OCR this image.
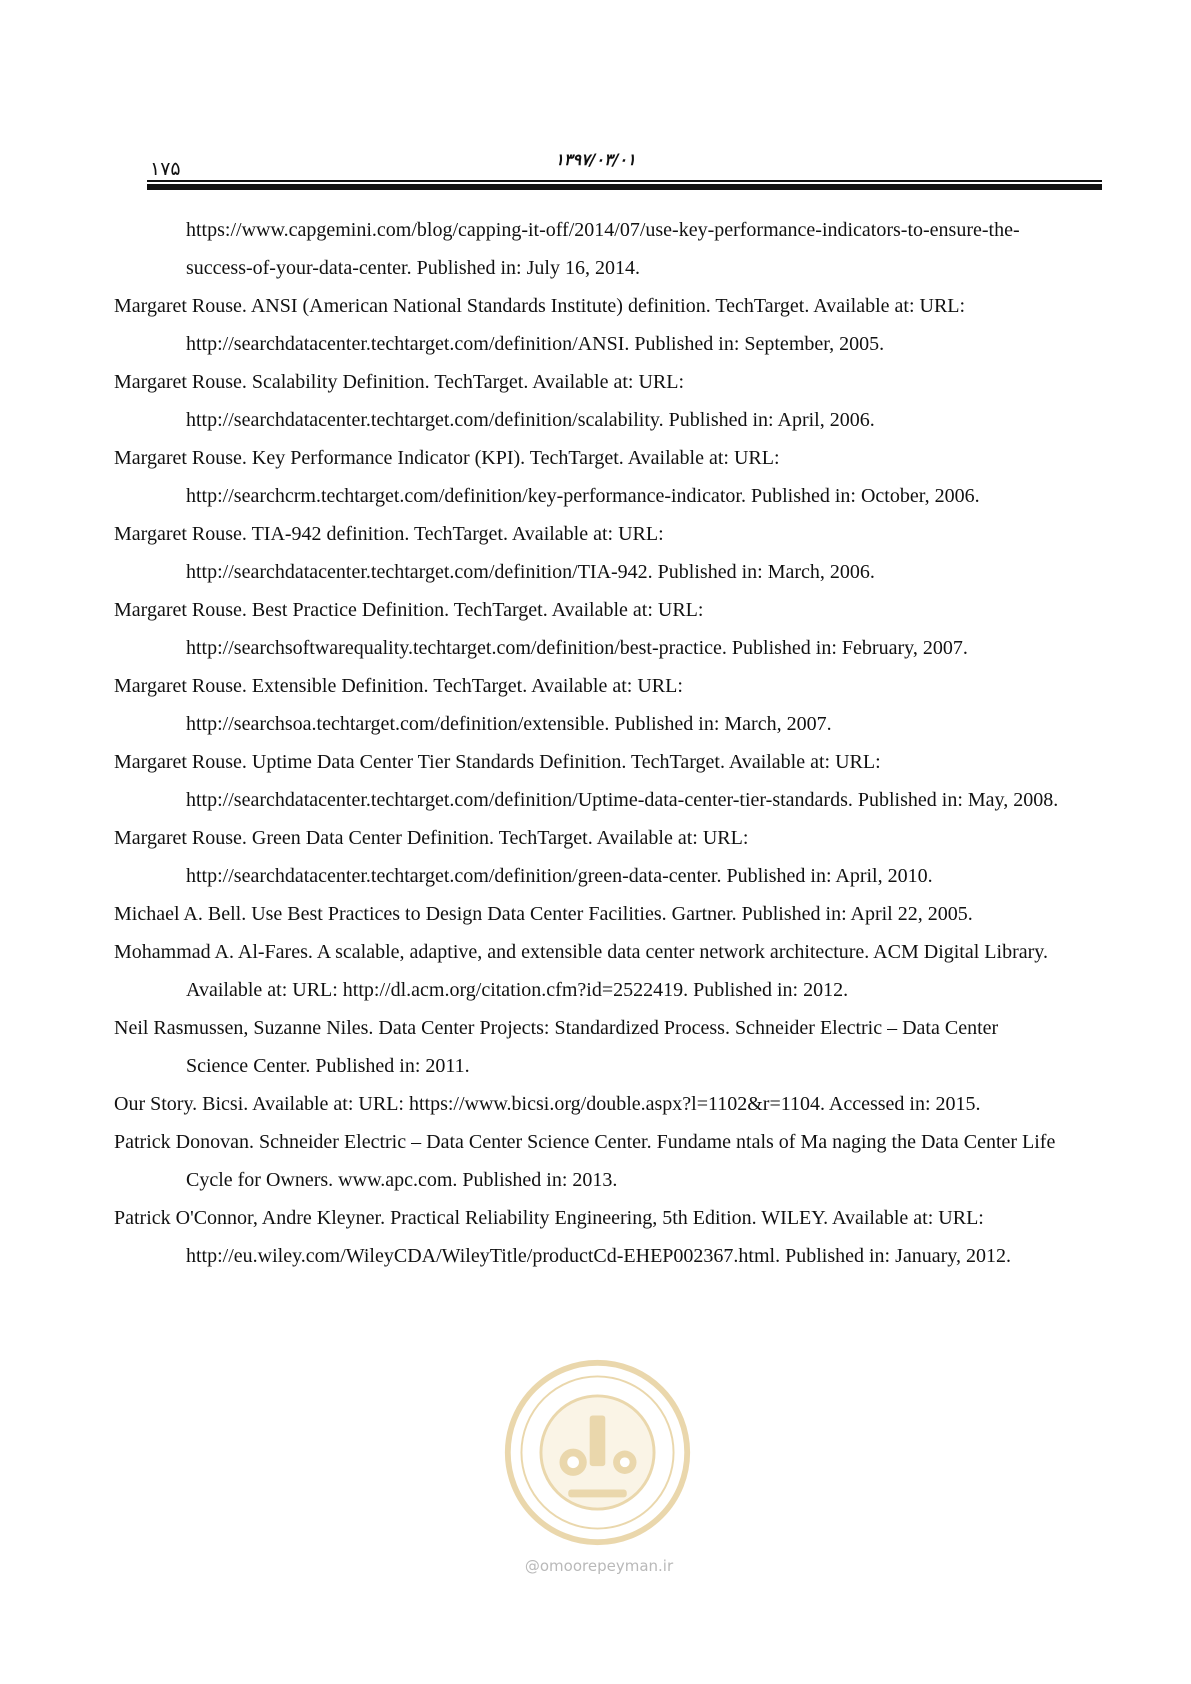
۱۷۵	۱۳۹۷/۰۳/۰۱

https://www.capgemini.com/blog/capping-it-off/2014/07/use-key-performance-indicators-to-ensure-the-success-of-your-data-center. Published in: July 16, 2014.

Margaret Rouse. ANSI (American National Standards Institute) definition. TechTarget. Available at: URL: http://searchdatacenter.techtarget.com/definition/ANSI. Published in: September, 2005.

Margaret Rouse. Scalability Definition. TechTarget. Available at: URL: http://searchdatacenter.techtarget.com/definition/scalability. Published in: April, 2006.

Margaret Rouse. Key Performance Indicator (KPI). TechTarget. Available at: URL: http://searchcrm.techtarget.com/definition/key-performance-indicator. Published in: October, 2006.

Margaret Rouse. TIA-942 definition. TechTarget. Available at: URL: http://searchdatacenter.techtarget.com/definition/TIA-942. Published in: March, 2006.

Margaret Rouse. Best Practice Definition. TechTarget. Available at: URL: http://searchsoftwarequality.techtarget.com/definition/best-practice. Published in: February, 2007.

Margaret Rouse. Extensible Definition. TechTarget. Available at: URL: http://searchsoa.techtarget.com/definition/extensible. Published in: March, 2007.

Margaret Rouse. Uptime Data Center Tier Standards Definition. TechTarget. Available at: URL: http://searchdatacenter.techtarget.com/definition/Uptime-data-center-tier-standards. Published in: May, 2008.

Margaret Rouse. Green Data Center Definition. TechTarget. Available at: URL: http://searchdatacenter.techtarget.com/definition/green-data-center. Published in: April, 2010.

Michael A. Bell. Use Best Practices to Design Data Center Facilities. Gartner. Published in: April 22, 2005.

Mohammad A. Al-Fares. A scalable, adaptive, and extensible data center network architecture. ACM Digital Library. Available at: URL: http://dl.acm.org/citation.cfm?id=2522419. Published in: 2012.

Neil Rasmussen, Suzanne Niles. Data Center Projects: Standardized Process. Schneider Electric – Data Center Science Center. Published in: 2011.

Our Story. Bicsi. Available at: URL: https://www.bicsi.org/double.aspx?l=1102&r=1104. Accessed in: 2015.

Patrick Donovan. Schneider Electric – Data Center Science Center. Fundame ntals of Ma naging the Data Center Life Cycle for Owners. www.apc.com. Published in: 2013.

Patrick O'Connor, Andre Kleyner. Practical Reliability Engineering, 5th Edition. WILEY. Available at: URL: http://eu.wiley.com/WileyCDA/WileyTitle/productCd-EHEP002367.html. Published in: January, 2012.

@omoorepeyman.ir
